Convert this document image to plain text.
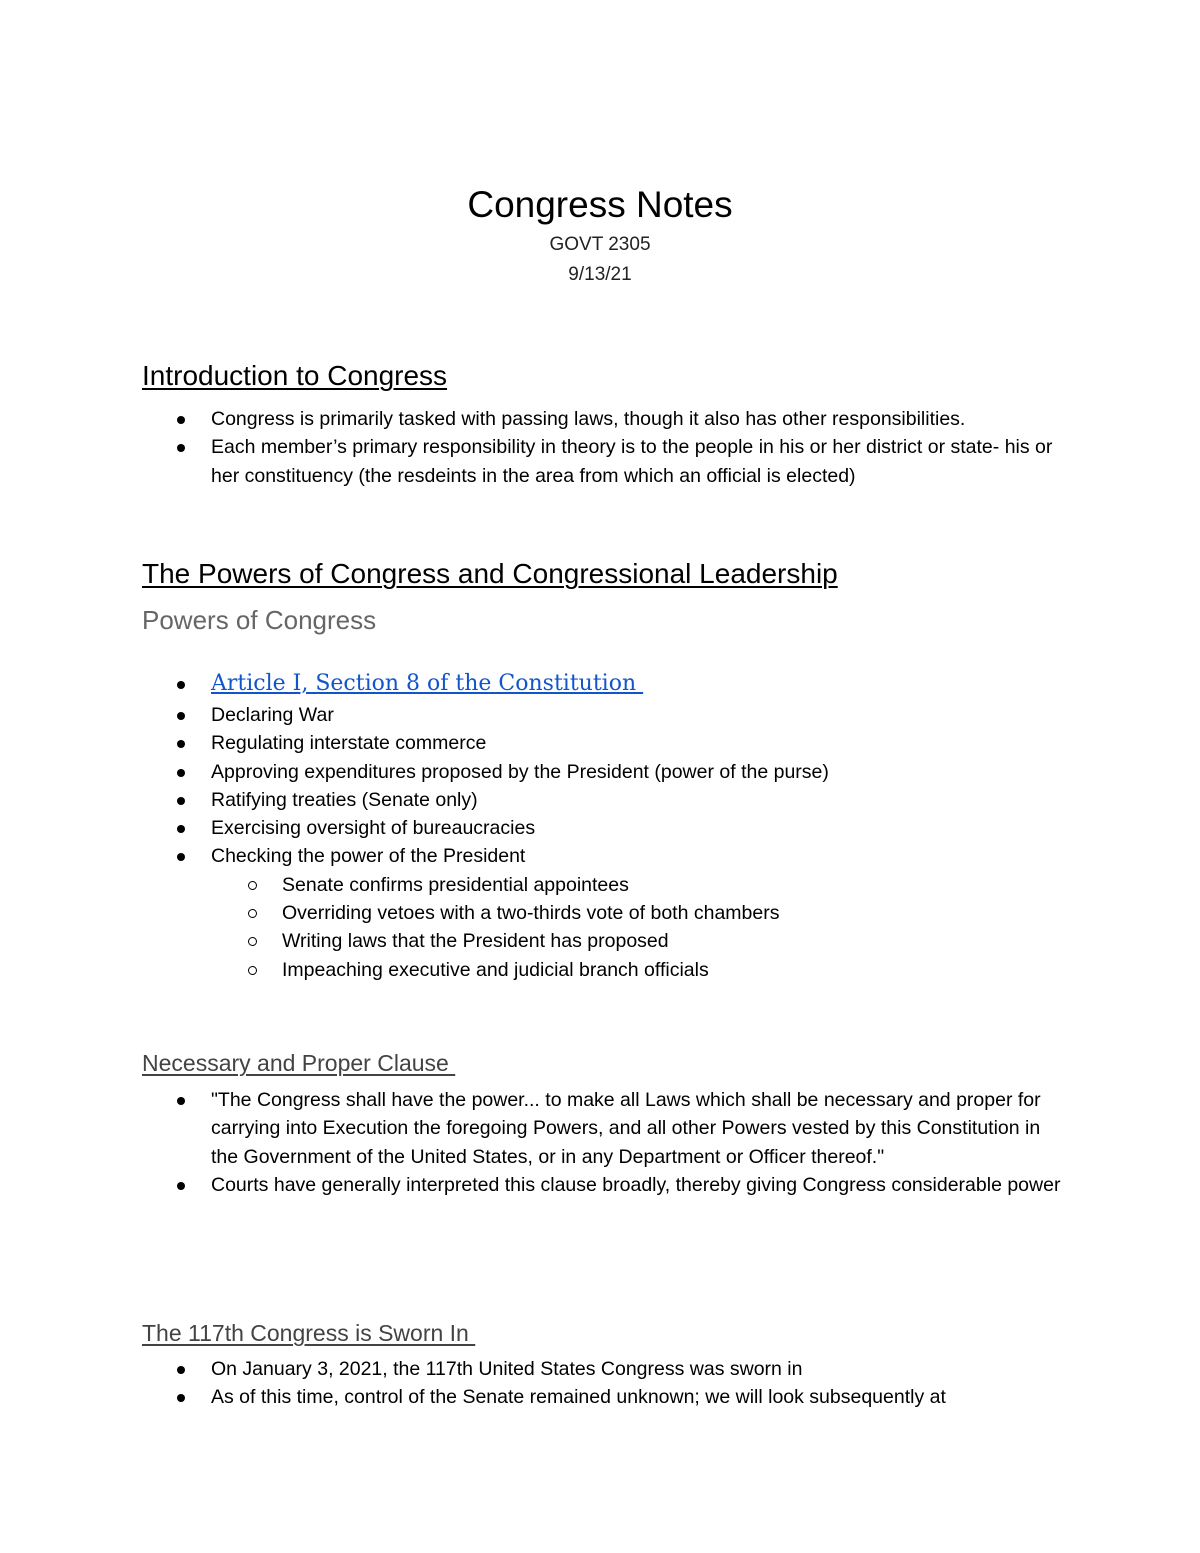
Congress Notes
GOVT 2305
9/13/21
Introduction to Congress
Congress is primarily tasked with passing laws, though it also has other responsibilities.
Each member’s primary responsibility in theory is to the people in his or her district or state- his or her constituency (the resdeints in the area from which an official is elected)
The Powers of Congress and Congressional Leadership
Powers of Congress
Article I, Section 8 of the Constitution
Declaring War
Regulating interstate commerce
Approving expenditures proposed by the President (power of the purse)
Ratifying treaties (Senate only)
Exercising oversight of bureaucracies
Checking the power of the President
Senate confirms presidential appointees
Overriding vetoes with a two-thirds vote of both chambers
Writing laws that the President has proposed
Impeaching executive and judicial branch officials
Necessary and Proper Clause
"The Congress shall have the power... to make all Laws which shall be necessary and proper for carrying into Execution the foregoing Powers, and all other Powers vested by this Constitution in the Government of the United States, or in any Department or Officer thereof."
Courts have generally interpreted this clause broadly, thereby giving Congress considerable power
The 117th Congress is Sworn In
On January 3, 2021, the 117th United States Congress was sworn in
As of this time, control of the Senate remained unknown; we will look subsequently at
